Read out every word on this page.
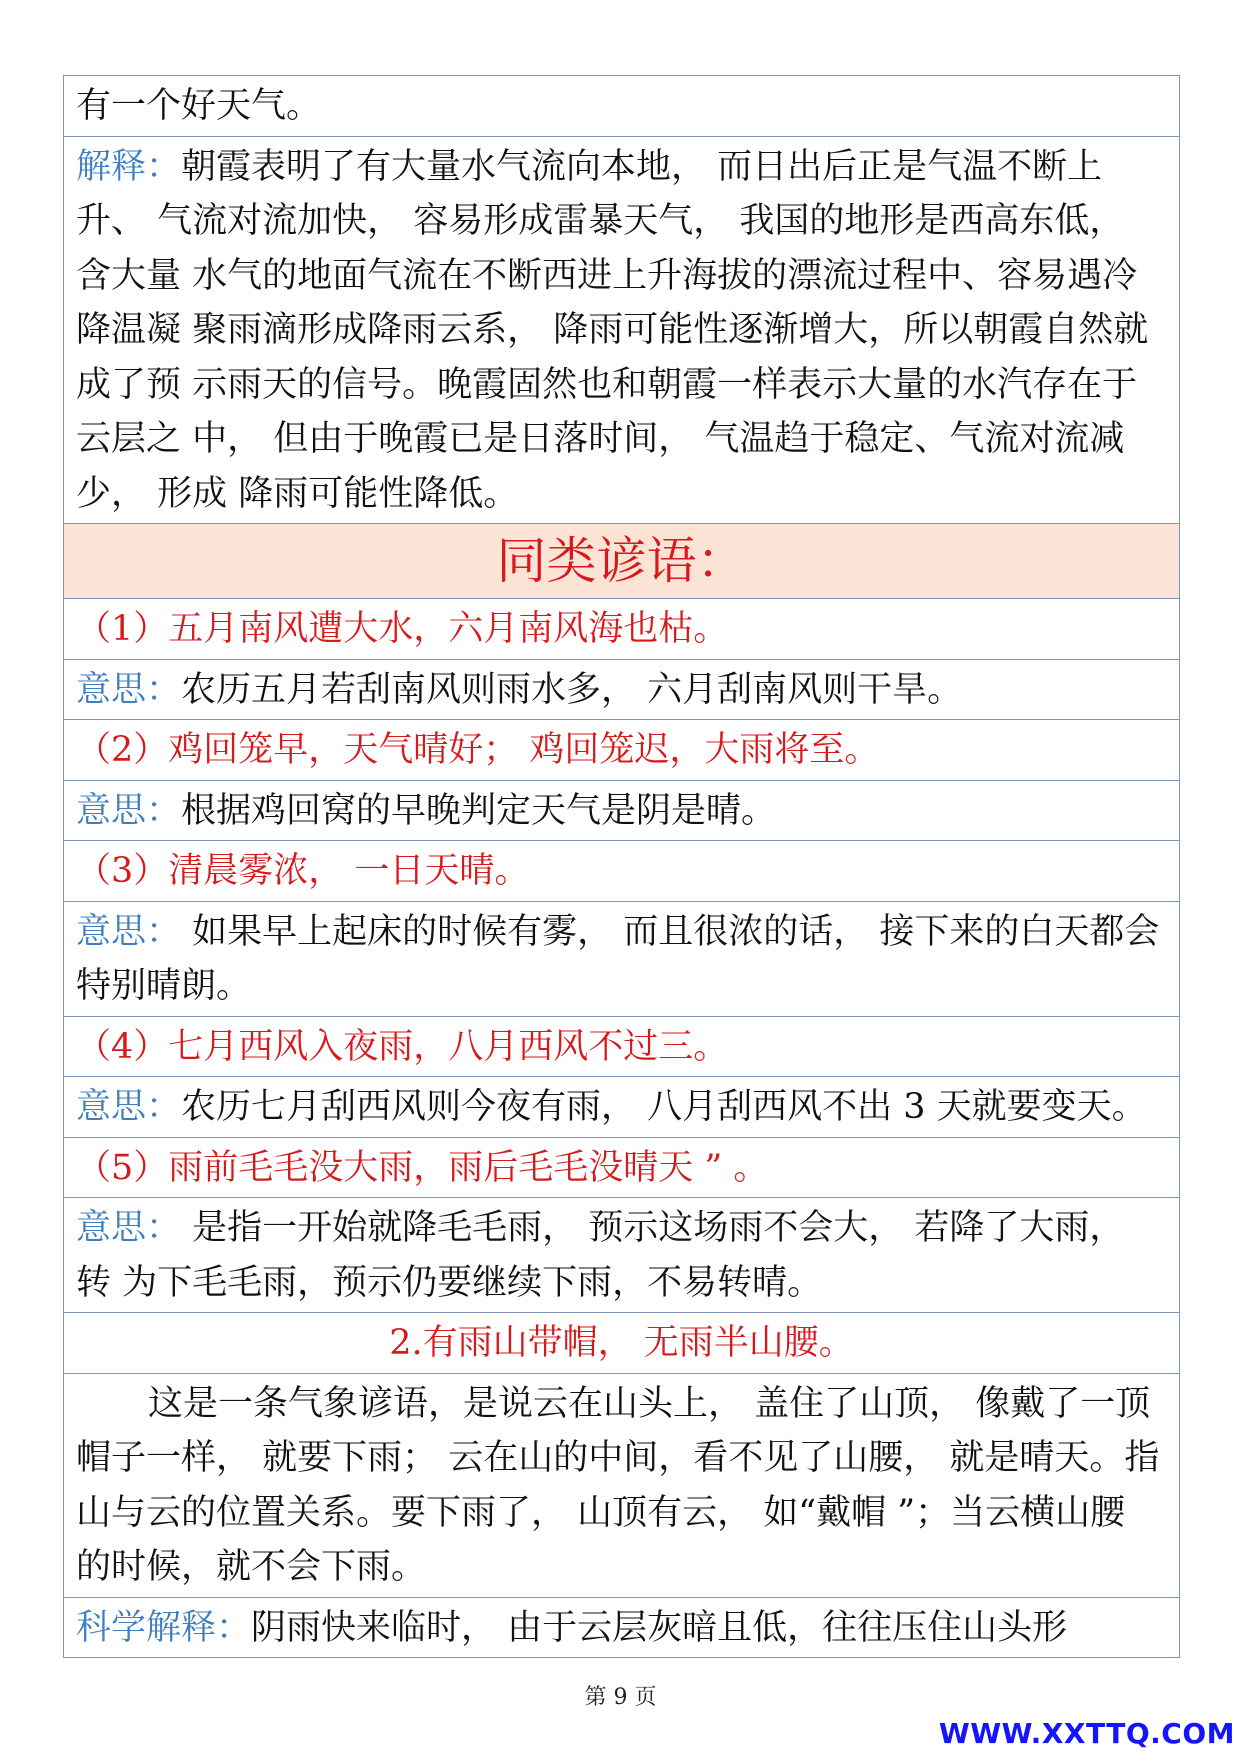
有一个好天气。
解释：朝霞表明了有大量水气流向本地， 而日出后正是气温不断上升、 气流对流加快， 容易形成雷暴天气， 我国的地形是西高东低， 含大量 水气的地面气流在不断西进上升海拔的漂流过程中、容易遇冷降温凝 聚雨滴形成降雨云系， 降雨可能性逐渐增大，所以朝霞自然就成了预 示雨天的信号。晚霞固然也和朝霞一样表示大量的水汽存在于云层之 中， 但由于晚霞已是日落时间， 气温趋于稳定、气流对流减少， 形成 降雨可能性降低。
同类谚语：
（1）五月南风遭大水，六月南风海也枯。
意思：农历五月若刮南风则雨水多， 六月刮南风则干旱。
（2）鸡回笼早，天气晴好； 鸡回笼迟，大雨将至。
意思：根据鸡回窝的早晚判定天气是阴是晴。
（3）清晨雾浓， 一日天晴。
意思： 如果早上起床的时候有雾， 而且很浓的话， 接下来的白天都会 特别晴朗。
（4）七月西风入夜雨，八月西风不过三。
意思：农历七月刮西风则今夜有雨， 八月刮西风不出 3 天就要变天。
（5）雨前毛毛没大雨，雨后毛毛没晴天 ” 。
意思： 是指一开始就降毛毛雨， 预示这场雨不会大， 若降了大雨， 转 为下毛毛雨，预示仍要继续下雨，不易转晴。
2.有雨山带帽， 无雨半山腰。
这是一条气象谚语，是说云在山头上， 盖住了山顶， 像戴了一顶 帽子一样， 就要下雨； 云在山的中间，看不见了山腰， 就是晴天。指 山与云的位置关系。要下雨了， 山顶有云， 如“戴帽 ”；当云横山腰 的时候，就不会下雨。
科学解释：阴雨快来临时， 由于云层灰暗且低，往往压住山头形
第 9 页
WWW.XXTTQ.COM
